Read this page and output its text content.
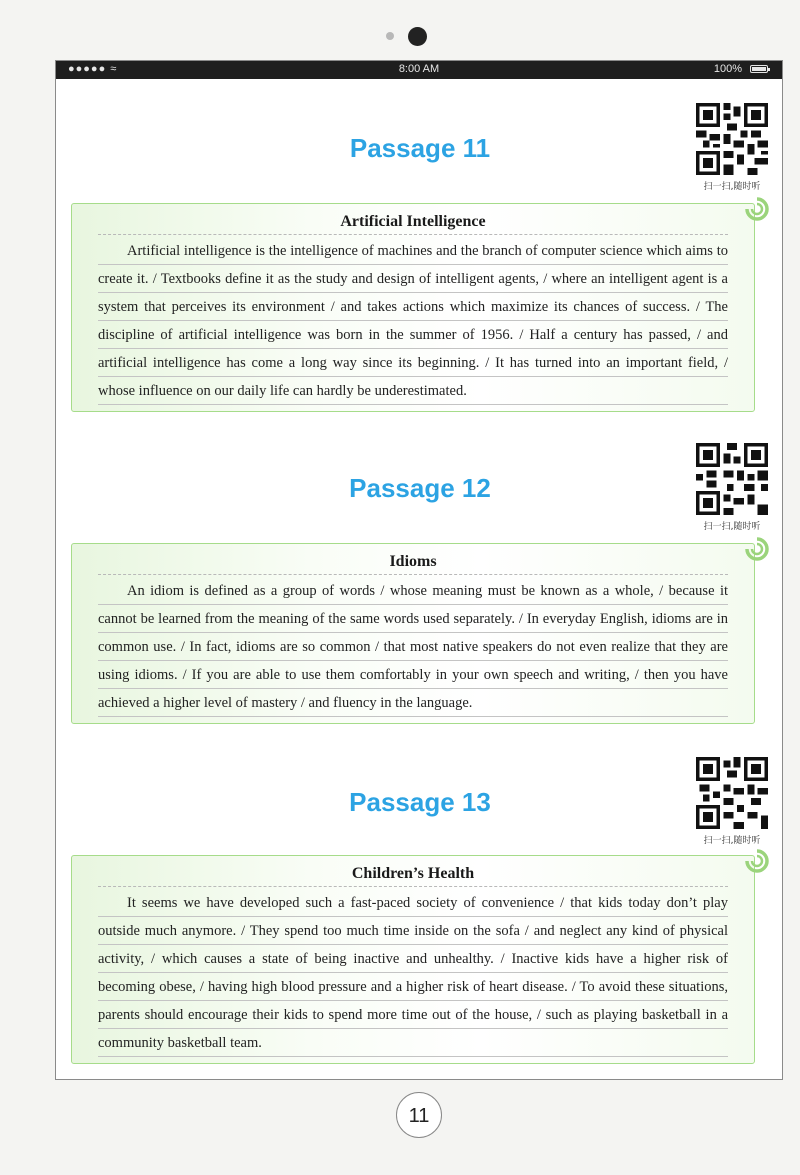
●●●●● ≈	8:00 AM	100%
Passage 11
扫一扫,随时听
Artificial Intelligence
Artificial intelligence is the intelligence of machines and the branch of computer science which aims to create it. / Textbooks define it as the study and design of intelligent agents, / where an intelligent agent is a system that perceives its environment / and takes actions which maximize its chances of success. / The discipline of artificial intelligence was born in the summer of 1956. / Half a century has passed, / and artificial intelligence has come a long way since its beginning. / It has turned into an important field, / whose influence on our daily life can hardly be underestimated.
Passage 12
扫一扫,随时听
Idioms
An idiom is defined as a group of words / whose meaning must be known as a whole, / because it cannot be learned from the meaning of the same words used separately. / In everyday English, idioms are in common use. / In fact, idioms are so common / that most native speakers do not even realize that they are using idioms. / If you are able to use them comfortably in your own speech and writing, / then you have achieved a higher level of mastery / and fluency in the language.
Passage 13
扫一扫,随时听
Children’s Health
It seems we have developed such a fast-paced society of convenience / that kids today don’t play outside much anymore. / They spend too much time inside on the sofa / and neglect any kind of physical activity, / which causes a state of being inactive and unhealthy. / Inactive kids have a higher risk of becoming obese, / having high blood pressure and a higher risk of heart disease. / To avoid these situations, parents should encourage their kids to spend more time out of the house, / such as playing basketball in a community basketball team.
11
